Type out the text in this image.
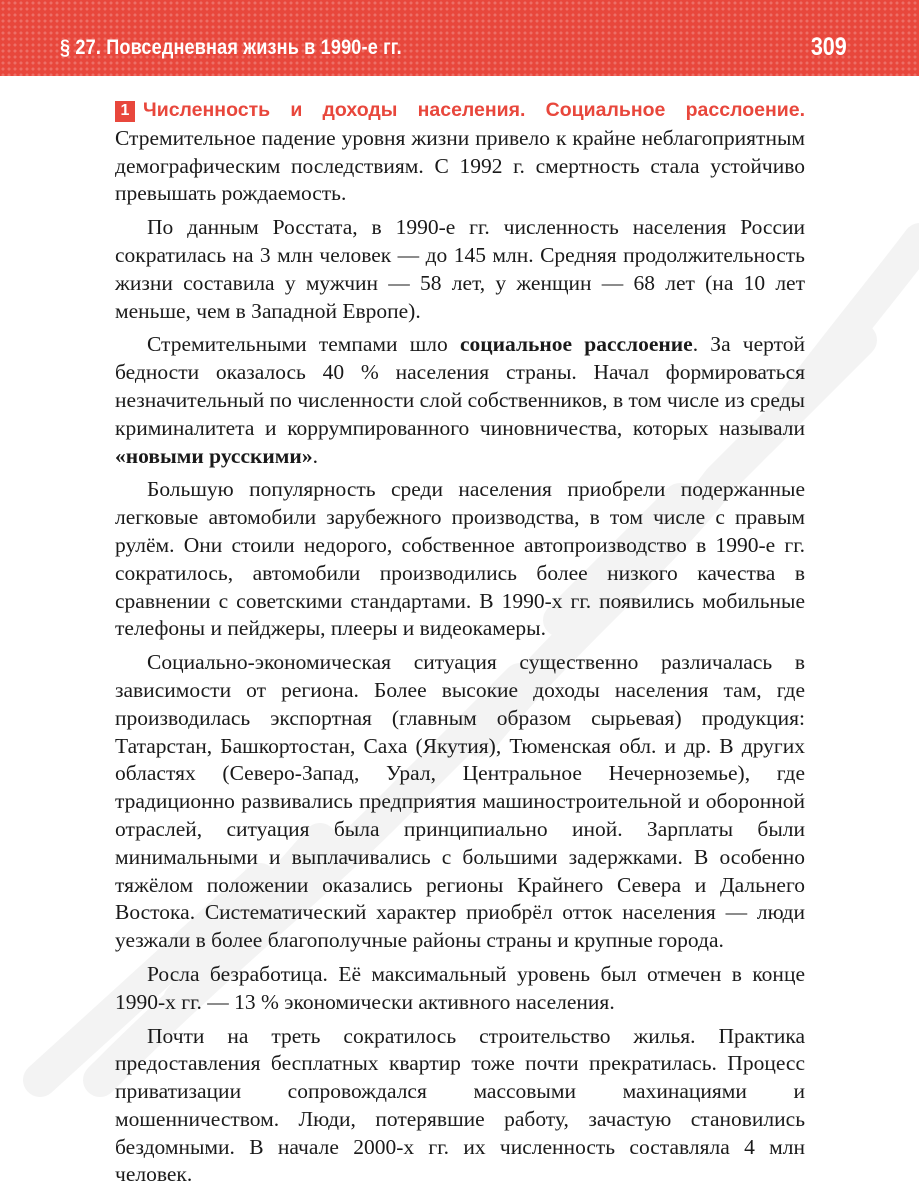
§ 27. Повседневная жизнь в 1990-е гг.	309

1 Численность и доходы населения. Социальное расслоение. Стремительное падение уровня жизни привело к крайне неблагоприятным демографическим последствиям. С 1992 г. смертность стала устойчиво превышать рождаемость.

По данным Росстата, в 1990-е гг. численность населения России сократилась на 3 млн человек — до 145 млн. Средняя продолжительность жизни составила у мужчин — 58 лет, у женщин — 68 лет (на 10 лет меньше, чем в Западной Европе).

Стремительными темпами шло социальное расслоение. За чертой бедности оказалось 40 % населения страны. Начал формироваться незначительный по численности слой собственников, в том числе из среды криминалитета и коррумпированного чиновничества, которых называли «новыми русскими».

Большую популярность среди населения приобрели подержанные легковые автомобили зарубежного производства, в том числе с правым рулём. Они стоили недорого, собственное автопроизводство в 1990-е гг. сократилось, автомобили производились более низкого качества в сравнении с советскими стандартами. В 1990-х гг. появились мобильные телефоны и пейджеры, плееры и видеокамеры.

Социально-экономическая ситуация существенно различалась в зависимости от региона. Более высокие доходы населения там, где производилась экспортная (главным образом сырьевая) продукция: Татарстан, Башкортостан, Саха (Якутия), Тюменская обл. и др. В других областях (Северо-Запад, Урал, Центральное Нечерноземье), где традиционно развивались предприятия машиностроительной и оборонной отраслей, ситуация была принципиально иной. Зарплаты были минимальными и выплачивались с большими задержками. В особенно тяжёлом положении оказались регионы Крайнего Севера и Дальнего Востока. Систематический характер приобрёл отток населения — люди уезжали в более благополучные районы страны и крупные города.

Росла безработица. Её максимальный уровень был отмечен в конце 1990-х гг. — 13 % экономически активного населения.

Почти на треть сократилось строительство жилья. Практика предоставления бесплатных квартир тоже почти прекратилась. Процесс приватизации сопровождался массовыми махинациями и мошенничеством. Люди, потерявшие работу, зачастую становились бездомными. В начале 2000-х гг. их численность составляла 4 млн человек.
